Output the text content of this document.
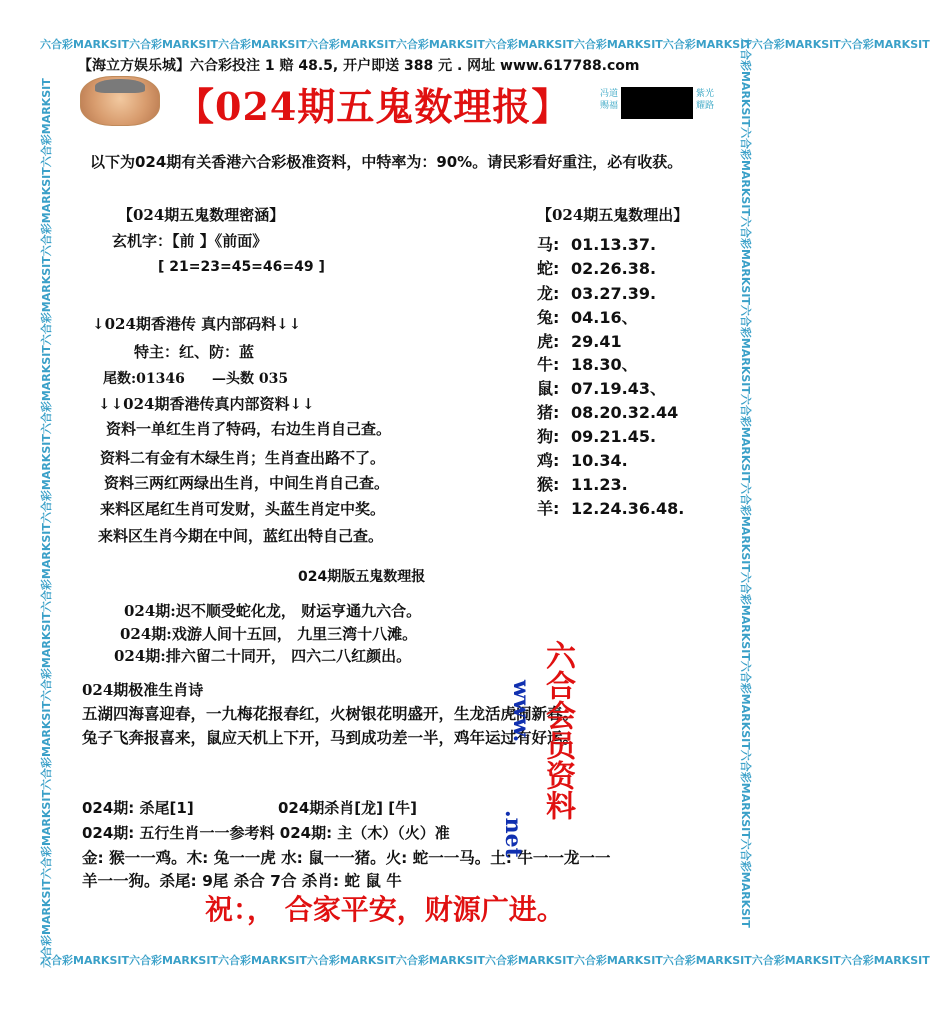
六合彩MARKSIT六合彩MARKSIT六合彩MARKSIT六合彩MARKSIT六合彩MARKSIT六合彩MARKSIT六合彩MARKSIT六合彩MARKSIT六合彩MARKSIT六合彩MARKSIT
六合彩MARKSIT六合彩MARKSIT六合彩MARKSIT六合彩MARKSIT六合彩MARKSIT六合彩MARKSIT六合彩MARKSIT六合彩MARKSIT六合彩MARKSIT六合彩MARKSIT
六合彩MARKSIT六合彩MARKSIT六合彩MARKSIT六合彩MARKSIT六合彩MARKSIT六合彩MARKSIT六合彩MARKSIT六合彩MARKSIT六合彩MARKSIT六合彩MARKSIT	六合彩MARKSIT六合彩MARKSIT六合彩MARKSIT六合彩MARKSIT六合彩MARKSIT六合彩MARKSIT六合彩MARKSIT六合彩MARKSIT六合彩MARKSIT六合彩MARKSIT
【海立方娱乐城】六合彩投注 1 赔 48.5, 开户即送 388 元 . 网址 www.617788.com
【024期五鬼数理报】	冯道赐福
紫光耀路
以下为024期有关香港六合彩极准资料，中特率为：90%。请民彩看好重注，必有收获。
【024期五鬼数理密涵】
玄机字：【前 】《前面》
[ 21=23=45=46=49 ]
↓024期香港传 真内部码料↓↓
特主：红、防：蓝
尾数:01346 —头数 035
↓↓024期香港传真内部资料↓↓
资料一单红生肖了特码，右边生肖自己查。
资料二有金有木绿生肖；生肖查出路不了。
资料三两红两绿出生肖，中间生肖自己查。
来料区尾红生肖可发财，头蓝生肖定中奖。
来料区生肖今期在中间，蓝红出特自己查。
【024期五鬼数理出】
马: 01.13.37.
蛇: 02.26.38.
龙: 03.27.39.
兔: 04.16、
虎: 29.41
牛: 18.30、
鼠: 07.19.43、
猪: 08.20.32.44
狗: 09.21.45.
鸡: 10.34.
猴: 11.23.
羊: 12.24.36.48.
024期版五鬼数理报
024期:迟不顺受蛇化龙， 财运亨通九六合。
024期:戏游人间十五回， 九里三湾十八滩。
024期:排六留二十同开， 四六二八红颜出。
024期极准生肖诗
五湖四海喜迎春，一九梅花报春红，火树银花明盛开，生龙活虎闹新春。
兔子飞奔报喜来，鼠应天机上下开，马到成功差一半，鸡年运过有好运。
024期: 杀尾[1]	024期杀肖[龙] [牛]
024期: 五行生肖一一参考料 024期: 主（木）（火）准
金: 猴一一鸡。木: 兔一一虎 水: 鼠一一猪。火: 蛇一一马。土: 牛一一龙一一
羊一一狗。杀尾: 9尾 杀合 7合 杀肖: 蛇 鼠 牛
www.
.net
六合会员资料
祝：， 合家平安，财源广进。
